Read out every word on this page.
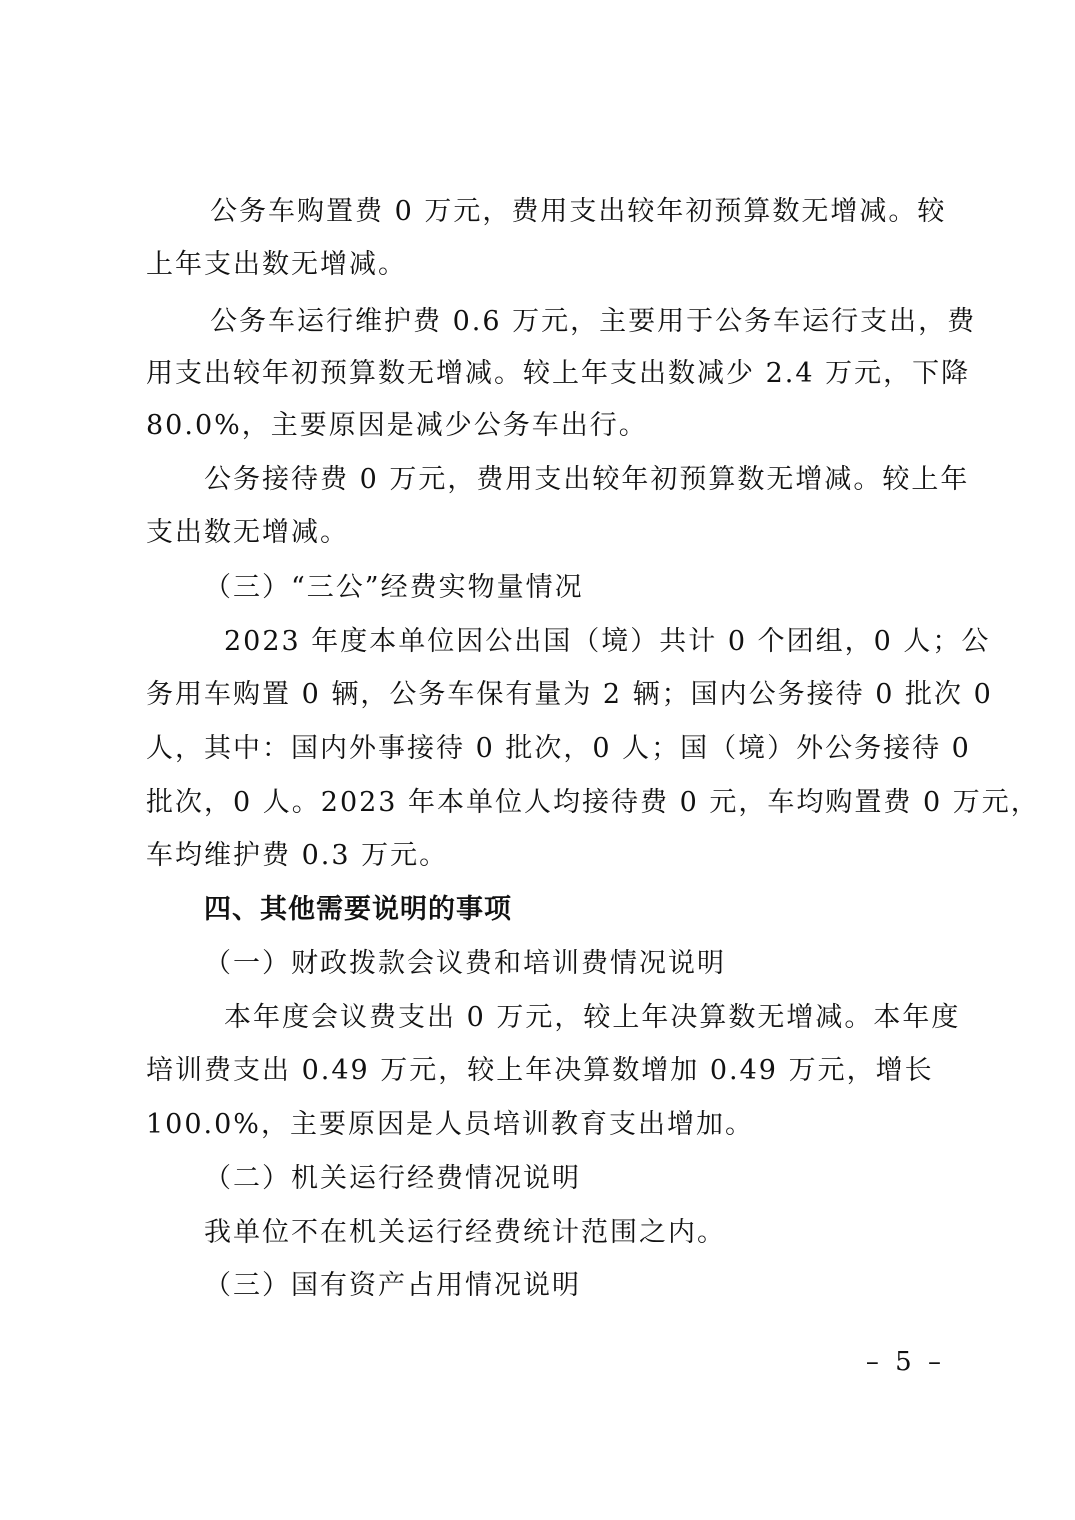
公务车购置费 0 万元，费用支出较年初预算数无增减。较
上年支出数无增减。
公务车运行维护费 0.6 万元，主要用于公务车运行支出，费
用支出较年初预算数无增减。较上年支出数减少 2.4 万元，下降
80.0%，主要原因是减少公务车出行。
公务接待费 0 万元，费用支出较年初预算数无增减。较上年
支出数无增减。
（三）“三公”经费实物量情况
2023 年度本单位因公出国（境）共计 0 个团组，0 人；公
务用车购置 0 辆，公务车保有量为 2 辆；国内公务接待 0 批次 0
人，其中：国内外事接待 0 批次，0 人；国（境）外公务接待 0
批次，0 人。2023 年本单位人均接待费 0 元，车均购置费 0 万元，
车均维护费 0.3 万元。
四、其他需要说明的事项
（一）财政拨款会议费和培训费情况说明
本年度会议费支出 0 万元，较上年决算数无增减。本年度
培训费支出 0.49 万元，较上年决算数增加 0.49 万元，增长
100.0%，主要原因是人员培训教育支出增加。
（二）机关运行经费情况说明
我单位不在机关运行经费统计范围之内。
（三）国有资产占用情况说明
– 5 –
